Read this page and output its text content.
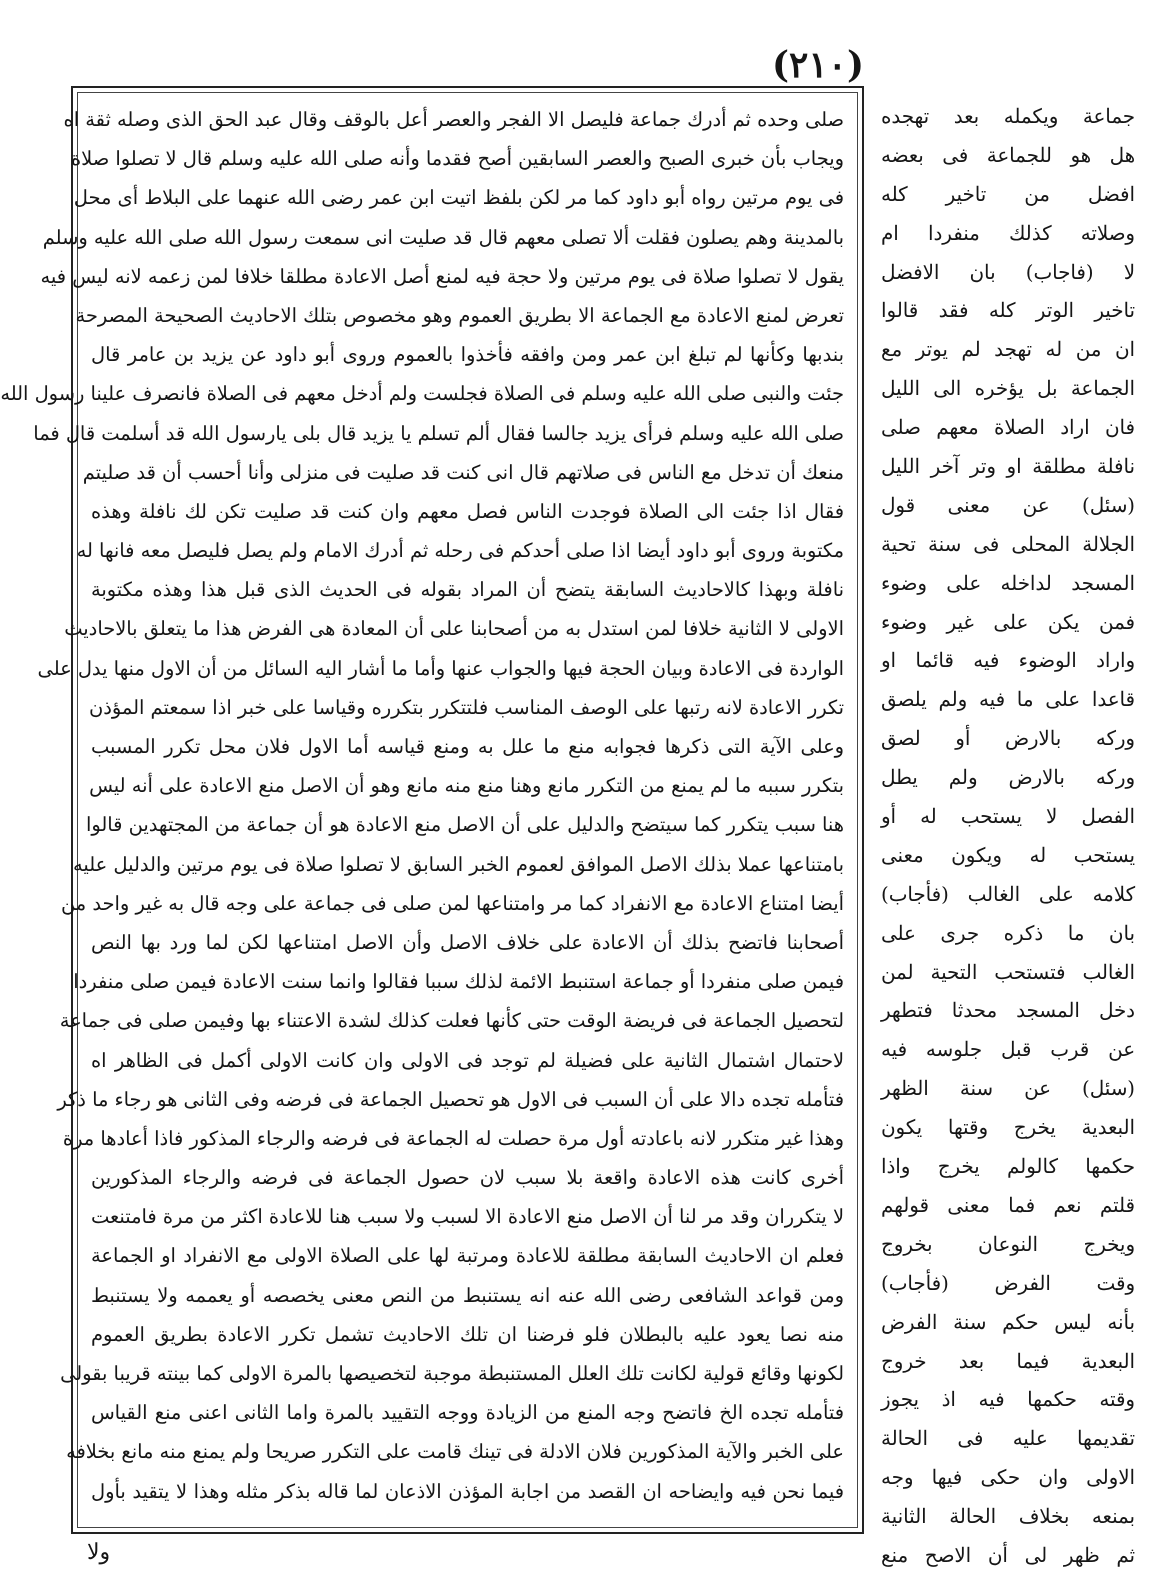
(٢١٠)
صلى وحده ثم أدرك جماعة فليصل الا الفجر والعصر أعل بالوقف وقال عبد الحق الذى وصله ثقة اه
ويجاب بأن خبرى الصبح والعصر السابقين أصح فقدما وأنه صلى الله عليه وسلم قال لا تصلوا صلاة
فى يوم مرتين رواه أبو داود كما مر لكن بلفظ اتيت ابن عمر رضى الله عنهما على البلاط أى محل
بالمدينة وهم يصلون فقلت ألا تصلى معهم قال قد صليت انى سمعت رسول الله صلى الله عليه وسلم
يقول لا تصلوا صلاة فى يوم مرتين ولا حجة فيه لمنع أصل الاعادة مطلقا خلافا لمن زعمه لانه ليس فيه
تعرض لمنع الاعادة مع الجماعة الا بطريق العموم وهو مخصوص بتلك الاحاديث الصحيحة المصرحة
بندبها وكأنها لم تبلغ ابن عمر ومن وافقه فأخذوا بالعموم وروى أبو داود عن يزيد بن عامر قال
جئت والنبى صلى الله عليه وسلم فى الصلاة فجلست ولم أدخل معهم فى الصلاة فانصرف علينا رسول الله
صلى الله عليه وسلم فرأى يزيد جالسا فقال ألم تسلم يا يزيد قال بلى يارسول الله قد أسلمت قال فما
منعك أن تدخل مع الناس فى صلاتهم قال انى كنت قد صليت فى منزلى وأنا أحسب أن قد صليتم
فقال اذا جئت الى الصلاة فوجدت الناس فصل معهم وان كنت قد صليت تكن لك نافلة وهذه
مكتوبة وروى أبو داود أيضا اذا صلى أحدكم فى رحله ثم أدرك الامام ولم يصل فليصل معه فانها له
نافلة وبهذا كالاحاديث السابقة يتضح أن المراد بقوله فى الحديث الذى قبل هذا وهذه مكتوبة
الاولى لا الثانية خلافا لمن استدل به من أصحابنا على أن المعادة هى الفرض هذا ما يتعلق بالاحاديث
الواردة فى الاعادة وبيان الحجة فيها والجواب عنها وأما ما أشار اليه السائل من أن الاول منها يدل على
تكرر الاعادة لانه رتبها على الوصف المناسب فلتتكرر بتكرره وقياسا على خبر اذا سمعتم المؤذن
وعلى الآية التى ذكرها فجوابه منع ما علل به ومنع قياسه أما الاول فلان محل تكرر المسبب
بتكرر سببه ما لم يمنع من التكرر مانع وهنا منع منه مانع وهو أن الاصل منع الاعادة على أنه ليس
هنا سبب يتكرر كما سيتضح والدليل على أن الاصل منع الاعادة هو أن جماعة من المجتهدين قالوا
بامتناعها عملا بذلك الاصل الموافق لعموم الخبر السابق لا تصلوا صلاة فى يوم مرتين والدليل عليه
أيضا امتناع الاعادة مع الانفراد كما مر وامتناعها لمن صلى فى جماعة على وجه قال به غير واحد من
أصحابنا فاتضح بذلك أن الاعادة على خلاف الاصل وأن الاصل امتناعها لكن لما ورد بها النص
فيمن صلى منفردا أو جماعة استنبط الائمة لذلك سببا فقالوا وانما سنت الاعادة فيمن صلى منفردا
لتحصيل الجماعة فى فريضة الوقت حتى كأنها فعلت كذلك لشدة الاعتناء بها وفيمن صلى فى جماعة
لاحتمال اشتمال الثانية على فضيلة لم توجد فى الاولى وان كانت الاولى أكمل فى الظاهر اه
فتأمله تجده دالا على أن السبب فى الاول هو تحصيل الجماعة فى فرضه وفى الثانى هو رجاء ما ذكر
وهذا غير متكرر لانه باعادته أول مرة حصلت له الجماعة فى فرضه والرجاء المذكور فاذا أعادها مرة
أخرى كانت هذه الاعادة واقعة بلا سبب لان حصول الجماعة فى فرضه والرجاء المذكورين
لا يتكرران وقد مر لنا أن الاصل منع الاعادة الا لسبب ولا سبب هنا للاعادة اكثر من مرة فامتنعت
فعلم ان الاحاديث السابقة مطلقة للاعادة ومرتبة لها على الصلاة الاولى مع الانفراد او الجماعة
ومن قواعد الشافعى رضى الله عنه انه يستنبط من النص معنى يخصصه أو يعممه ولا يستنبط
منه نصا يعود عليه بالبطلان فلو فرضنا ان تلك الاحاديث تشمل تكرر الاعادة بطريق العموم
لكونها وقائع قولية لكانت تلك العلل المستنبطة موجبة لتخصيصها بالمرة الاولى كما بينته قريبا بقولى
فتأمله تجده الخ فاتضح وجه المنع من الزيادة ووجه التقييد بالمرة واما الثانى اعنى منع القياس
على الخبر والآية المذكورين فلان الادلة فى تينك قامت على التكرر صريحا ولم يمنع منه مانع بخلافه
فيما نحن فيه وايضاحه ان القصد من اجابة المؤذن الاذعان لما قاله بذكر مثله وهذا لا يتقيد بأول
جماعة ويكمله بعد تهجده
هل هو للجماعة فى بعضه
افضل من تاخير كله
وصلاته كذلك منفردا ام
لا (فاجاب) بان الافضل
تاخير الوتر كله فقد قالوا
ان من له تهجد لم يوتر مع
الجماعة بل يؤخره الى الليل
فان اراد الصلاة معهم صلى
نافلة مطلقة او وتر آخر الليل
(سئل) عن معنى قول
الجلالة المحلى فى سنة تحية
المسجد لداخله على وضوء
فمن يكن على غير وضوء
واراد الوضوء فيه قائما او
قاعدا على ما فيه ولم يلصق
وركه بالارض أو لصق
وركه بالارض ولم يطل
الفصل لا يستحب له أو
يستحب له ويكون معنى
كلامه على الغالب (فأجاب)
بان ما ذكره جرى على
الغالب فتستحب التحية لمن
دخل المسجد محدثا فتطهر
عن قرب قبل جلوسه فيه
(سئل) عن سنة الظهر
البعدية يخرج وقتها يكون
حكمها كالولم يخرج واذا
قلتم نعم فما معنى قولهم
ويخرج النوعان بخروج
وقت الفرض (فأجاب)
بأنه ليس حكم سنة الفرض
البعدية فيما بعد خروج
وقته حكمها فيه اذ يجوز
تقديمها عليه فى الحالة
الاولى وان حكى فيها وجه
بمنعه بخلاف الحالة الثانية
ثم ظهر لى أن الاصح منع
ولا
